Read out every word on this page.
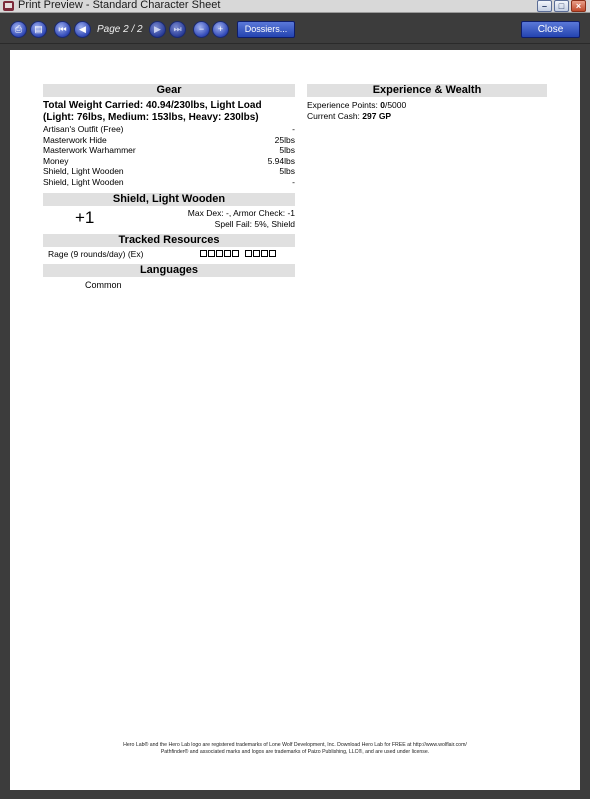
Print Preview - Standard Character Sheet	–	□	×
⎙	▤	⏮	◀	Page 2 / 2	▶	⏭	−	+	Dossiers...	Close
Gear
Total Weight Carried: 40.94/230lbs, Light Load
(Light: 76lbs, Medium: 153lbs, Heavy: 230lbs)
Artisan's Outfit (Free)	-
Masterwork Hide	25lbs
Masterwork Warhammer	5lbs
Money	5.94lbs
Shield, Light Wooden	5lbs
Shield, Light Wooden	-
Shield, Light Wooden
+1	Max Dex: -, Armor Check: -1
Spell Fail: 5%, Shield
Tracked Resources
Rage (9 rounds/day) (Ex)
Languages
Common
Experience & Wealth
Experience Points: 0/5000
Current Cash: 297 GP
Hero Lab® and the Hero Lab logo are registered trademarks of Lone Wolf Development, Inc. Download Hero Lab for FREE at http://www.wolflair.com/
Pathfinder® and associated marks and logos are trademarks of Paizo Publishing, LLC®, and are used under license.
